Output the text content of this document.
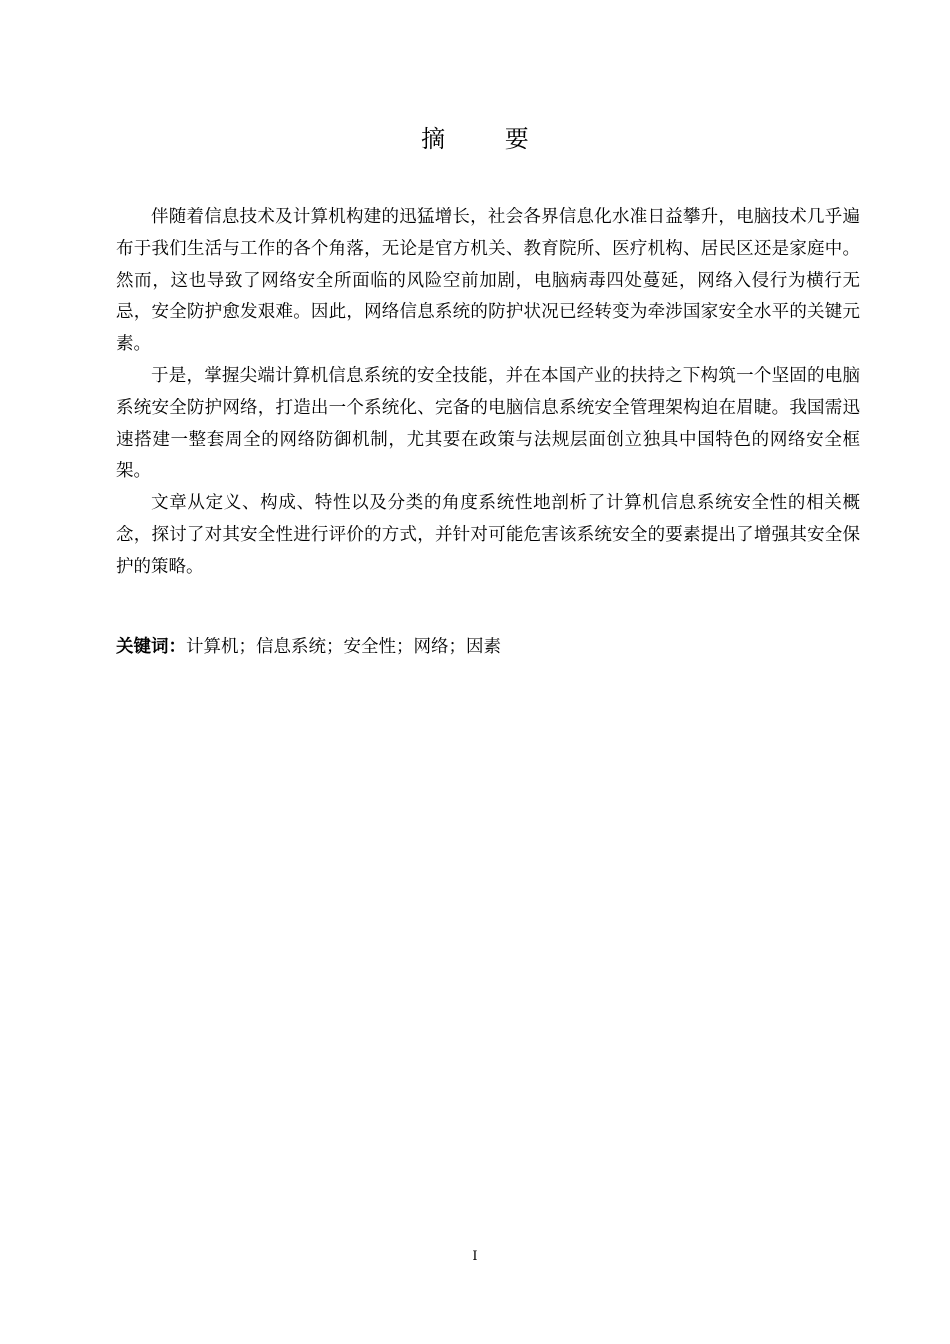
摘 要

伴随着信息技术及计算机构建的迅猛增长，社会各界信息化水准日益攀升，电脑技术几乎遍布于我们生活与工作的各个角落，无论是官方机关、教育院所、医疗机构、居民区还是家庭中。然而，这也导致了网络安全所面临的风险空前加剧，电脑病毒四处蔓延，网络入侵行为横行无忌，安全防护愈发艰难。因此，网络信息系统的防护状况已经转变为牵涉国家安全水平的关键元素。

于是，掌握尖端计算机信息系统的安全技能，并在本国产业的扶持之下构筑一个坚固的电脑系统安全防护网络，打造出一个系统化、完备的电脑信息系统安全管理架构迫在眉睫。我国需迅速搭建一整套周全的网络防御机制，尤其要在政策与法规层面创立独具中国特色的网络安全框架。

文章从定义、构成、特性以及分类的角度系统性地剖析了计算机信息系统安全性的相关概念，探讨了对其安全性进行评价的方式，并针对可能危害该系统安全的要素提出了增强其安全保护的策略。

关键词：计算机；信息系统；安全性；网络；因素
I
